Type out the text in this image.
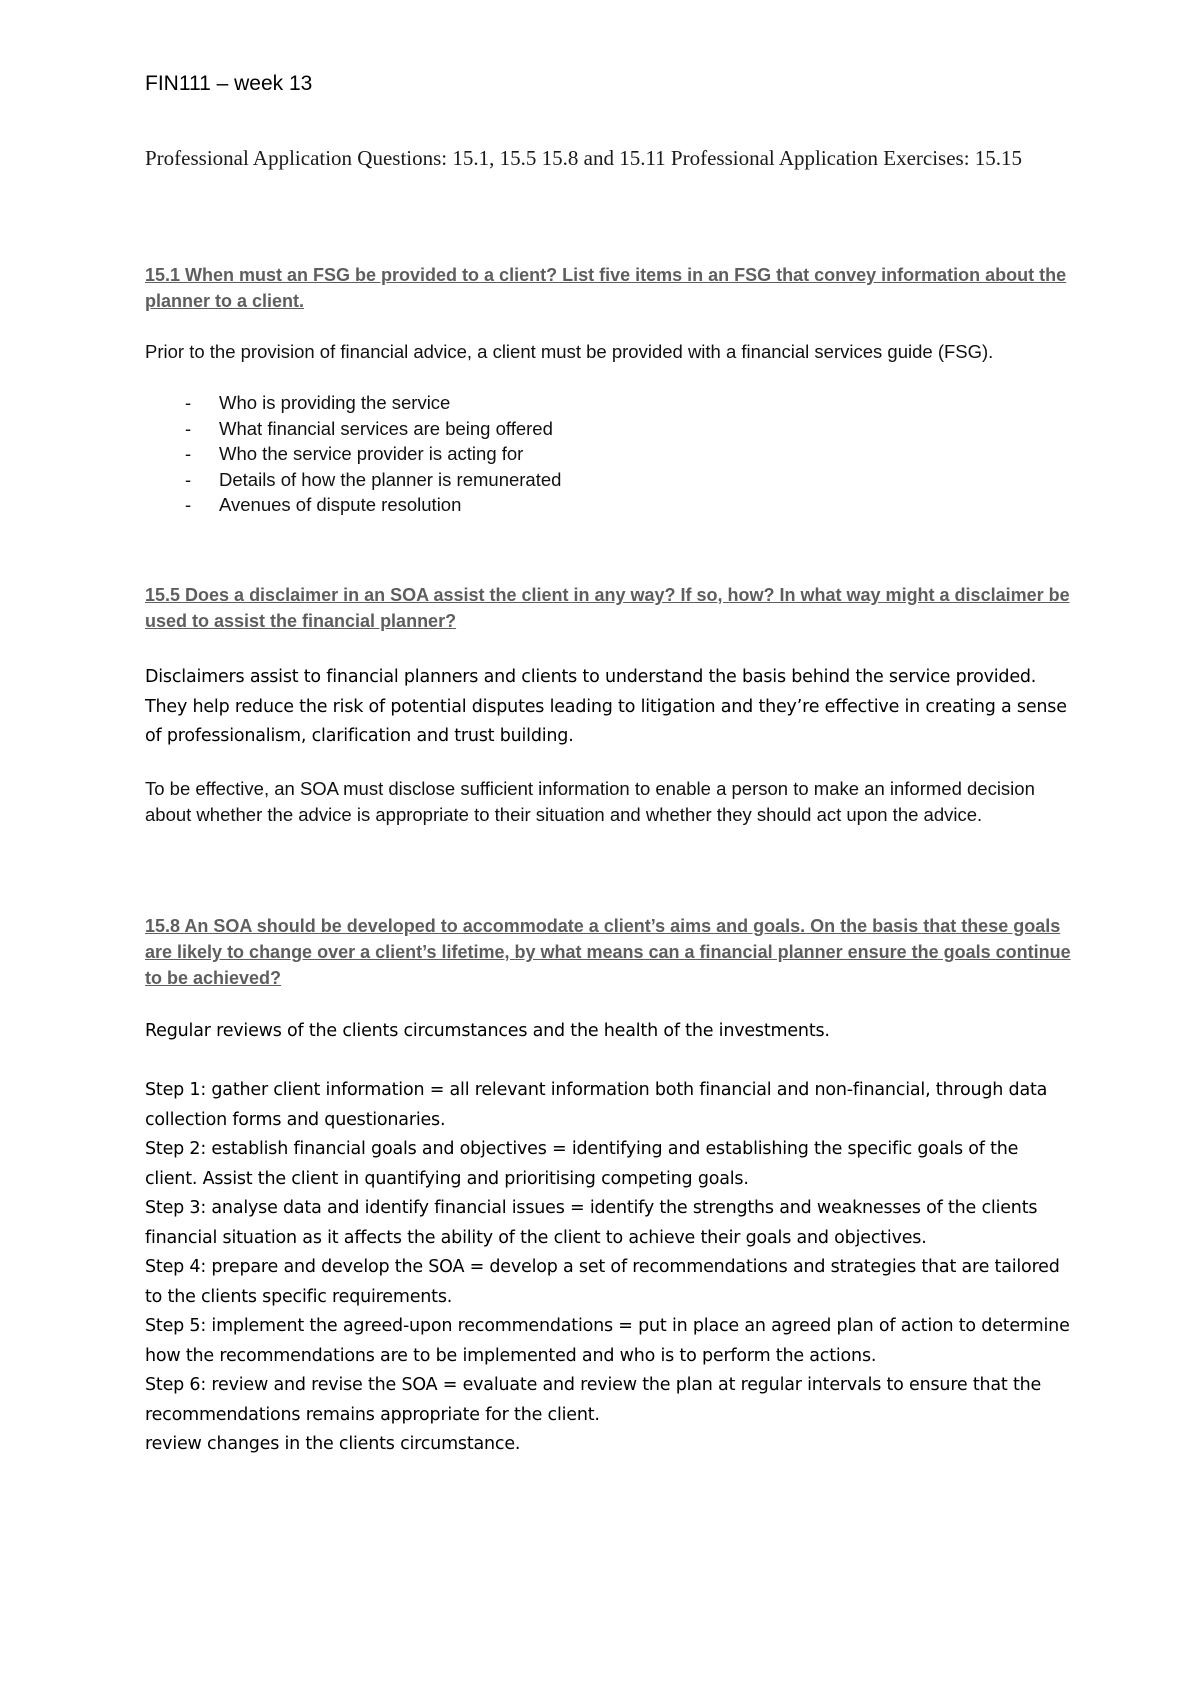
FIN111 – week 13

Professional Application Questions: 15.1, 15.5 15.8 and 15.11 Professional Application Exercises: 15.15

15.1 When must an FSG be provided to a client? List five items in an FSG that convey information about the planner to a client.

Prior to the provision of financial advice, a client must be provided with a financial services guide (FSG).

- Who is providing the service
- What financial services are being offered
- Who the service provider is acting for
- Details of how the planner is remunerated
- Avenues of dispute resolution

15.5 Does a disclaimer in an SOA assist the client in any way? If so, how? In what way might a disclaimer be used to assist the financial planner?

Disclaimers assist to financial planners and clients to understand the basis behind the service provided. They help reduce the risk of potential disputes leading to litigation and they’re effective in creating a sense of professionalism, clarification and trust building.

To be effective, an SOA must disclose sufficient information to enable a person to make an informed decision about whether the advice is appropriate to their situation and whether they should act upon the advice.

15.8 An SOA should be developed to accommodate a client’s aims and goals. On the basis that these goals are likely to change over a client’s lifetime, by what means can a financial planner ensure the goals continue to be achieved?

Regular reviews of the clients circumstances and the health of the investments.

Step 1: gather client information = all relevant information both financial and non-financial, through data collection forms and questionaries.
Step 2: establish financial goals and objectives = identifying and establishing the specific goals of the client. Assist the client in quantifying and prioritising competing goals.
Step 3: analyse data and identify financial issues = identify the strengths and weaknesses of the clients financial situation as it affects the ability of the client to achieve their goals and objectives.
Step 4: prepare and develop the SOA = develop a set of recommendations and strategies that are tailored to the clients specific requirements.
Step 5: implement the agreed-upon recommendations = put in place an agreed plan of action to determine how the recommendations are to be implemented and who is to perform the actions.
Step 6: review and revise the SOA = evaluate and review the plan at regular intervals to ensure that the recommendations remains appropriate for the client.
review changes in the clients circumstance.
